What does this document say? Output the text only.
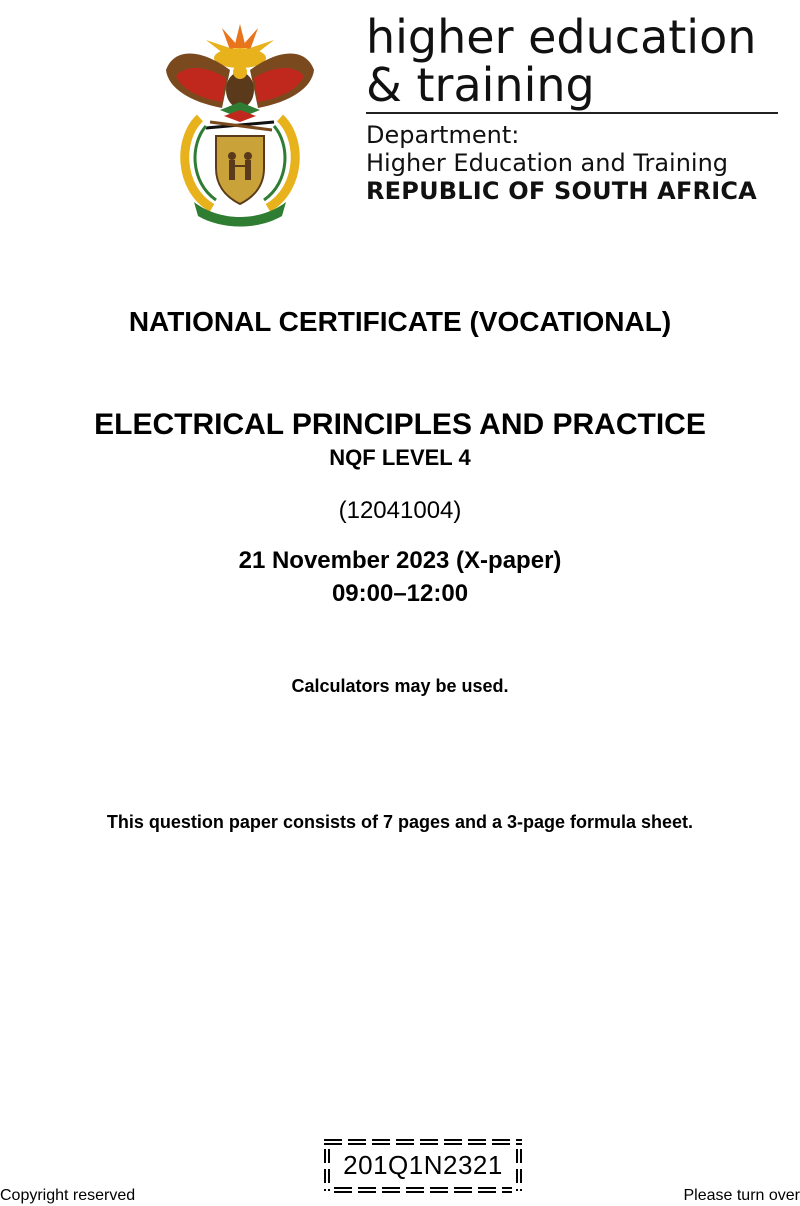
higher education
& training
Department:
Higher Education and Training
REPUBLIC OF SOUTH AFRICA
NATIONAL CERTIFICATE (VOCATIONAL)
ELECTRICAL PRINCIPLES AND PRACTICE
NQF LEVEL 4
(12041004)
21 November 2023 (X-paper)
09:00–12:00
Calculators may be used.
This question paper consists of 7 pages and a 3-page formula sheet.
201Q1N2321
Copyright reserved	Please turn over
